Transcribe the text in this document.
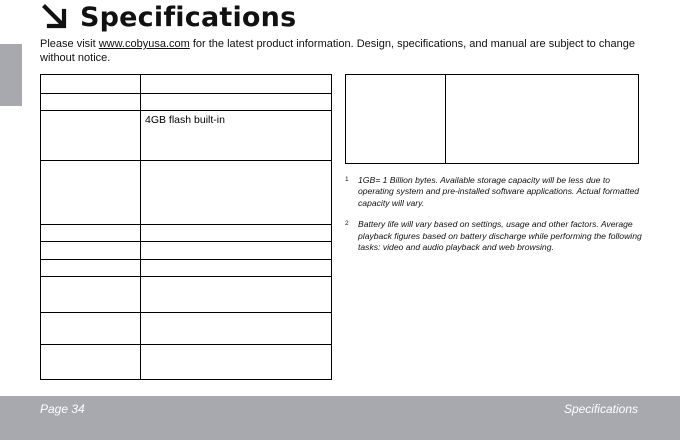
Specifications

Please visit www.cobyusa.com for the latest product information. Design, specifications, and manual are subject to change without notice.

	4GB flash built-in

1	1GB= 1 Billion bytes. Available storage capacity will be less due to operating system and pre-installed software applications. Actual formatted capacity will vary.
2	Battery life will vary based on settings, usage and other factors. Average playback figures based on battery discharge while performing the following tasks: video and audio playback and web browsing.
Page 34	Specifications
